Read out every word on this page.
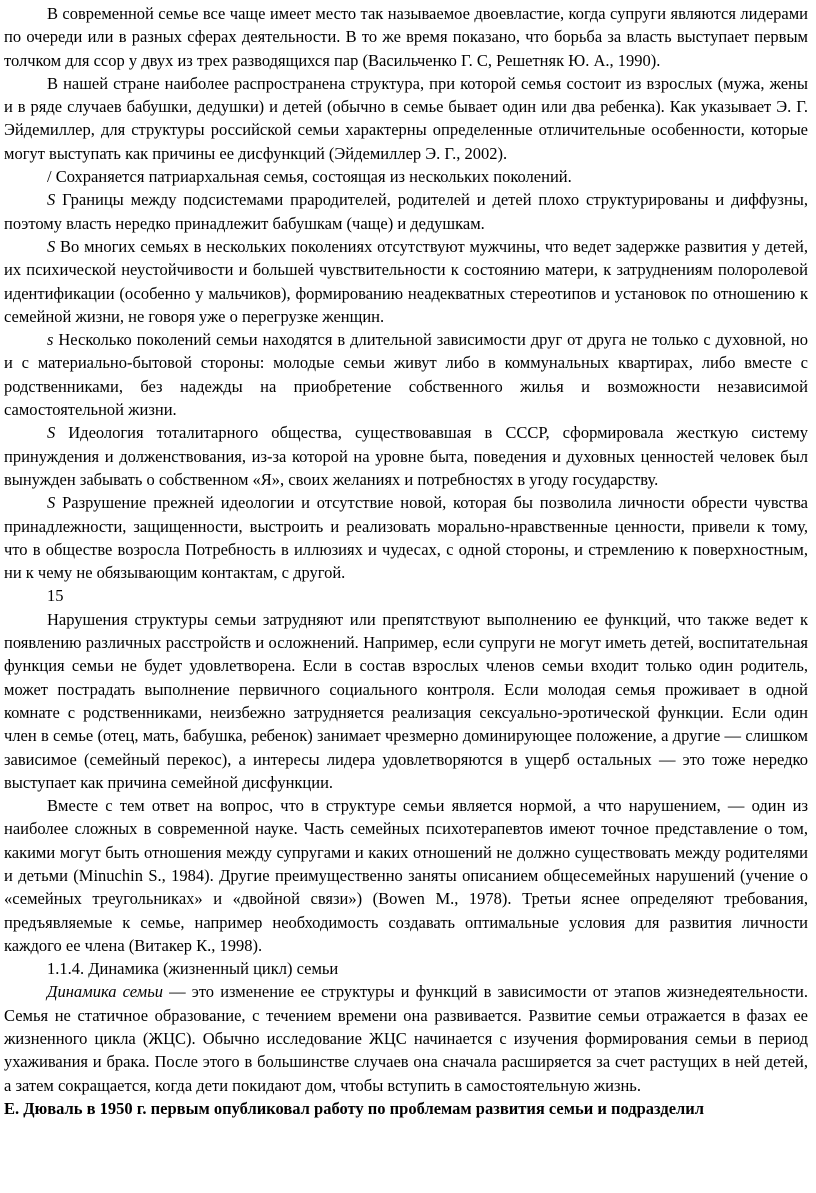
В современной семье все чаще имеет место так называемое двоевластие, когда супруги являются лидерами по очереди или в разных сферах деятельности. В то же время показано, что борьба за власть выступает первым толчком для ссор у двух из трех разводящихся пар (Васильченко Г. С, Решетняк Ю. А., 1990).

В нашей стране наиболее распространена структура, при которой семья состоит из взрослых (мужа, жены и в ряде случаев бабушки, дедушки) и детей (обычно в семье бывает один или два ребенка). Как указывает Э. Г. Эйдемиллер, для структуры российской семьи характерны определенные отличительные особенности, которые могут выступать как причины ее дисфункций (Эйдемиллер Э. Г., 2002).

/ Сохраняется патриархальная семья, состоящая из нескольких поколений.

S Границы между подсистемами прародителей, родителей и детей плохо структурированы и диффузны, поэтому власть нередко принадлежит бабушкам (чаще) и дедушкам.

S Во многих семьях в нескольких поколениях отсутствуют мужчины, что ведет задержке развития у детей, их психической неустойчивости и большей чувствительности к состоянию матери, к затруднениям полоролевой идентификации (особенно у мальчиков), формированию неадекватных стереотипов и установок по отношению к семейной жизни, не говоря уже о перегрузке женщин.

s Несколько поколений семьи находятся в длительной зависимости друг от друга не только с духовной, но и с материально-бытовой стороны: молодые семьи живут либо в коммунальных квартирах, либо вместе с родственниками, без надежды на приобретение собственного жилья и возможности независимой самостоятельной жизни.

S Идеология тоталитарного общества, существовавшая в СССР, сформировала жесткую систему принуждения и долженствования, из-за которой на уровне быта, поведения и духовных ценностей человек был вынужден забывать о собственном «Я», своих желаниях и потребностях в угоду государству.

S Разрушение прежней идеологии и отсутствие новой, которая бы позволила личности обрести чувства принадлежности, защищенности, выстроить и реализовать морально-нравственные ценности, привели к тому, что в обществе возросла Потребность в иллюзиях и чудесах, с одной стороны, и стремлению к поверхностным, ни к чему не обязывающим контактам, с другой.

15

Нарушения структуры семьи затрудняют или препятствуют выполнению ее функций, что также ведет к появлению различных расстройств и осложнений. Например, если супруги не могут иметь детей, воспитательная функция семьи не будет удовлетворена. Если в состав взрослых членов семьи входит только один родитель, может пострадать выполнение первичного социального контроля. Если молодая семья проживает в одной комнате с родственниками, неизбежно затрудняется реализация сексуально-эротической функции. Если один член в семье (отец, мать, бабушка, ребенок) занимает чрезмерно доминирующее положение, а другие — слишком зависимое (семейный перекос), а интересы лидера удовлетворяются в ущерб остальных — это тоже нередко выступает как причина семейной дисфункции.

Вместе с тем ответ на вопрос, что в структуре семьи является нормой, а что нарушением, — один из наиболее сложных в современной науке. Часть семейных психотерапевтов имеют точное представление о том, какими могут быть отношения между супругами и каких отношений не должно существовать между родителями и детьми (Minuchin S., 1984). Другие преимущественно заняты описанием общесемейных нарушений (учение о «семейных треугольниках» и «двойной связи») (Bowen M., 1978). Третьи яснее определяют требования, предъявляемые к семье, например необходимость создавать оптимальные условия для развития личности каждого ее члена (Витакер К., 1998).

1.1.4. Динамика (жизненный цикл) семьи

Динамика семьи — это изменение ее структуры и функций в зависимости от этапов жизнедеятельности. Семья не статичное образование, с течением времени она развивается. Развитие семьи отражается в фазах ее жизненного цикла (ЖЦС). Обычно исследование ЖЦС начинается с изучения формирования семьи в период ухаживания и брака. После этого в большинстве случаев она сначала расширяется за счет растущих в ней детей, а затем сокращается, когда дети покидают дом, чтобы вступить в самостоятельную жизнь.

Е. Дюваль в 1950 г. первым опубликовал работу по проблемам развития семьи и подразделил
